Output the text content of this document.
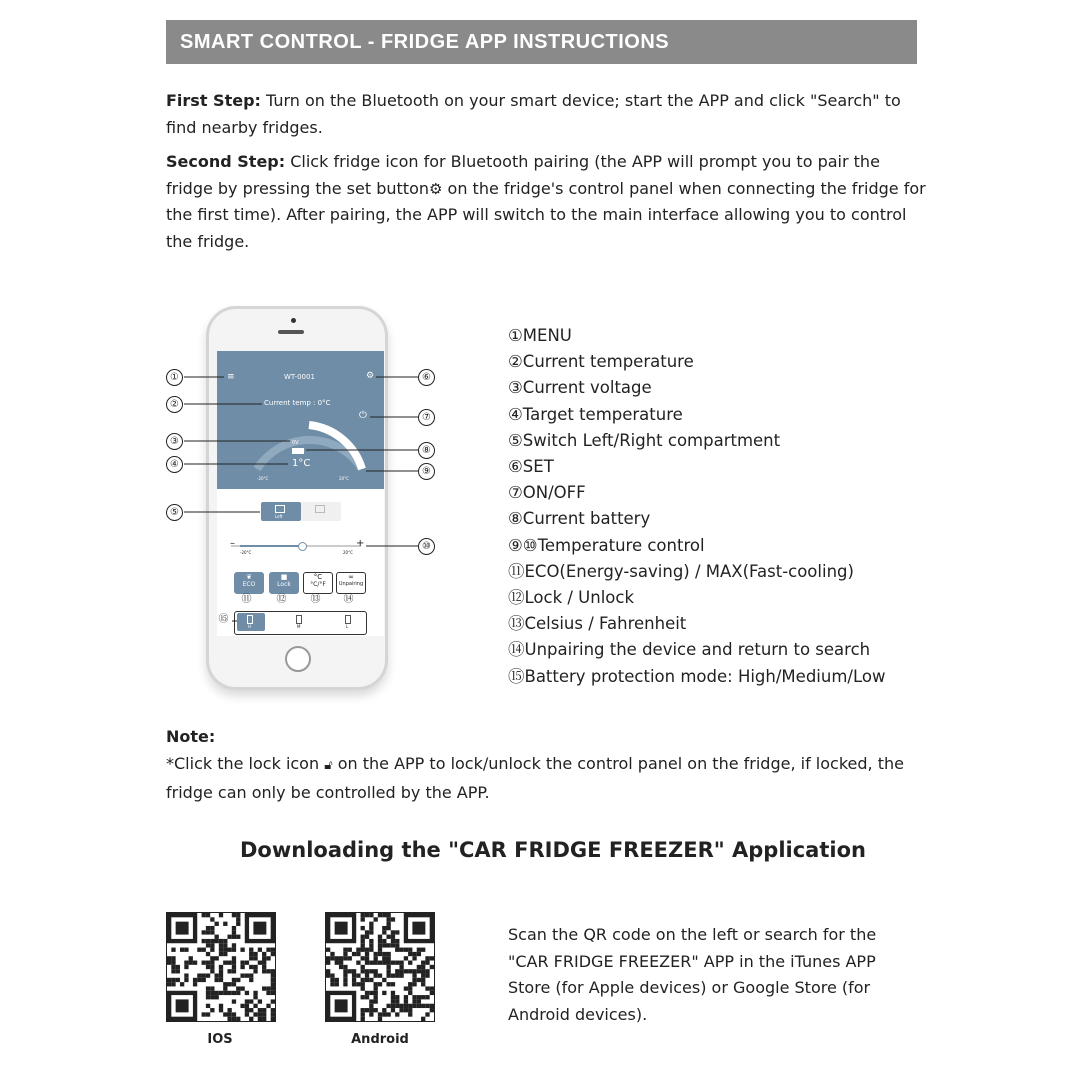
SMART CONTROL - FRIDGE APP INSTRUCTIONS
First Step: Turn on the Bluetooth on your smart device; start the APP and click "Search" to find nearby fridges.
Second Step: Click fridge icon for Bluetooth pairing (the APP will prompt you to pair the fridge by pressing the set button⚙ on the fridge's control panel when connecting the fridge for the first time). After pairing, the APP will switch to the main interface allowing you to control the fridge.
≡	WT-0001	⚙
Current temp : 0°C
⏻
0V
1°C
-20°C	20°C
Left
–	+
-20°C	20°C
❦
ECO
■
Lock
°C
°C/°F
∞
Unpairing
H	M	L
①
②
③
④
⑤
⑥
⑦
⑧
⑨
⑩
⑪	⑫ ⑬ ⑭
⑮
①MENU
②Current temperature
③Current voltage
④Target temperature
⑤Switch Left/Right compartment
⑥SET
⑦ON/OFF
⑧Current battery
⑨⑩Temperature control
⑪ECO(Energy-saving) / MAX(Fast-cooling)
⑫Lock / Unlock
⑬Celsius / Fahrenheit
⑭Unpairing the device and return to search
⑮Battery protection mode: High/Medium/Low
Note:
*Click the lock icon 🔓︎ on the APP to lock/unlock the control panel on the fridge, if locked, the fridge can only be controlled by the APP.
Downloading the "CAR FRIDGE FREEZER" Application
IOS	Android
Scan the QR code on the left or search for the "CAR FRIDGE FREEZER" APP in the iTunes APP Store (for Apple devices) or Google Store (for Android devices).
